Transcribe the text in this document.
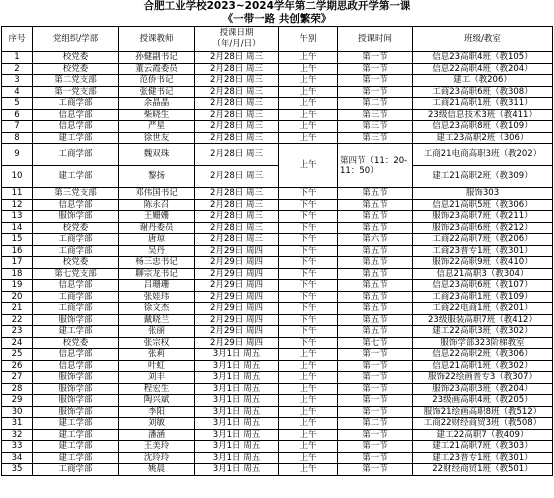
合肥工业学校2023~2024学年第二学期思政开学第一课
《一带一路 共创繁荣》
序号	党组织/学部	授课教师	授课日期
（年/月/日）	午别	授课时间	班级/教室
1	校党委	孙健副书记	2月28日 周三	上午	第一节	信息23高职4班（教105）
2	校党委	董云霞委员	2月28日 周三	上午	第一节	信息22高职4班（教204）
3	第二党支部	范侨书记	2月28日 周三	上午	第一节	建工（教206）
4	第一党支部	张健书记	2月28日 周三	上午	第一节	工商23高职6班（教308）
5	工商学部	余晶晶	2月28日 周三	上午	第二节	工商21高职1班（教311）
6	信息学部	柴晓生	2月28日 周三	上午	第三节	23级信息技术3班（教411）
7	信息学部	严星	2月28日 周三	上午	第三节	信息23高职8班（教109）
8	建工学部	徐世友	2月28日 周三	上午	第三节	建工23高职2班（306）
9	工商学部	魏双珠	2月28日 周三	上午	第四节（11：20-11：50）	工商21电商高职3班（教202）
10	建工学部	黎扬	2月28日 周三			建工21高职2班（教309）
11	第三党支部	邓伟国书记	2月28日 周三	下午	第五节	服饰303
12	信息学部	陈永召	2月28日 周三	下午	第五节	信息21高职5班（教306）
13	服饰学部	王姗姗	2月28日 周三	下午	第五节	服饰23高职7班（教211）
14	校党委	谢丹委员	2月28日 周三	下午	第五节	服饰23高职6班（教212）
15	工商学部	唐琼	2月28日 周三	下午	第六节	工商22高职7班（教206）
16	工商学部	吴丹	2月29日 周四	下午	第五节	工商23普专1班（教301）
17	校党委	杨三忠书记	2月29日 周四	下午	第五节	服饰22高职9班（教410）
18	第七党支部	聊宗龙书记	2月29日 周四	下午	第五节	信息21高职3（教304）
19	信息学部	吕珊珊	2月29日 周四	下午	第五节	信息23高职6班（教107）
20	工商学部	张娃玮	2月29日 周四	下午	第五节	工商23高职1班（教109）
21	工商学部	徐文杰	2月29日 周四	下午	第五节	工商22电商1班（教201）
22	服饰学部	戴晓兰	2月29日 周四	下午	第五节	23级服装高职7班（教412）
23	建工学部	张丽	2月29日 周四	下午	第五节	建工22高职3班（教302）
24	校党委	张宗权	2月29日 周四	下午	第七节	服饰学部323阶梯教室
25	信息学部	张莉	3月1日 周五	上午	第一节	信息22高职2班（教306）
26	信息学部	叶虹	3月1日 周五	上午	第一节	信息21高职1班（教302）
27	服饰学部	刘丰	3月1日 周五	上午	第一节	服饰22绘画普专3（教307）
28	服饰学部	程宏生	3月1日 周五	上午	第一节	服饰23高职3班（教204）
29	服饰学部	陶兴斌	3月1日 周五	上午	第一节	23级画高职4班（教205）
30	服饰学部	李阳	3月1日 周五	上午	第一节	服饰21绘画高职8班（教512）
31	建工学部	刘敏	3月1日 周五	上午	第二节	工商22财经商贸3班（教508）
32	建工学部	潘涵	3月1日 周五	上午	第一节	建工22高职7（教409）
33	建工学部	王美玲	3月1日 周五	上午	第一节	建工21高职7班（教303）
34	建工学部	沈玲玲	3月1日 周五	上午	第一节	建工23普专1班（教301）
35	工商学部	姚晨	3月1日 周五	上午	第一节	22财经商贸1班（教501）
